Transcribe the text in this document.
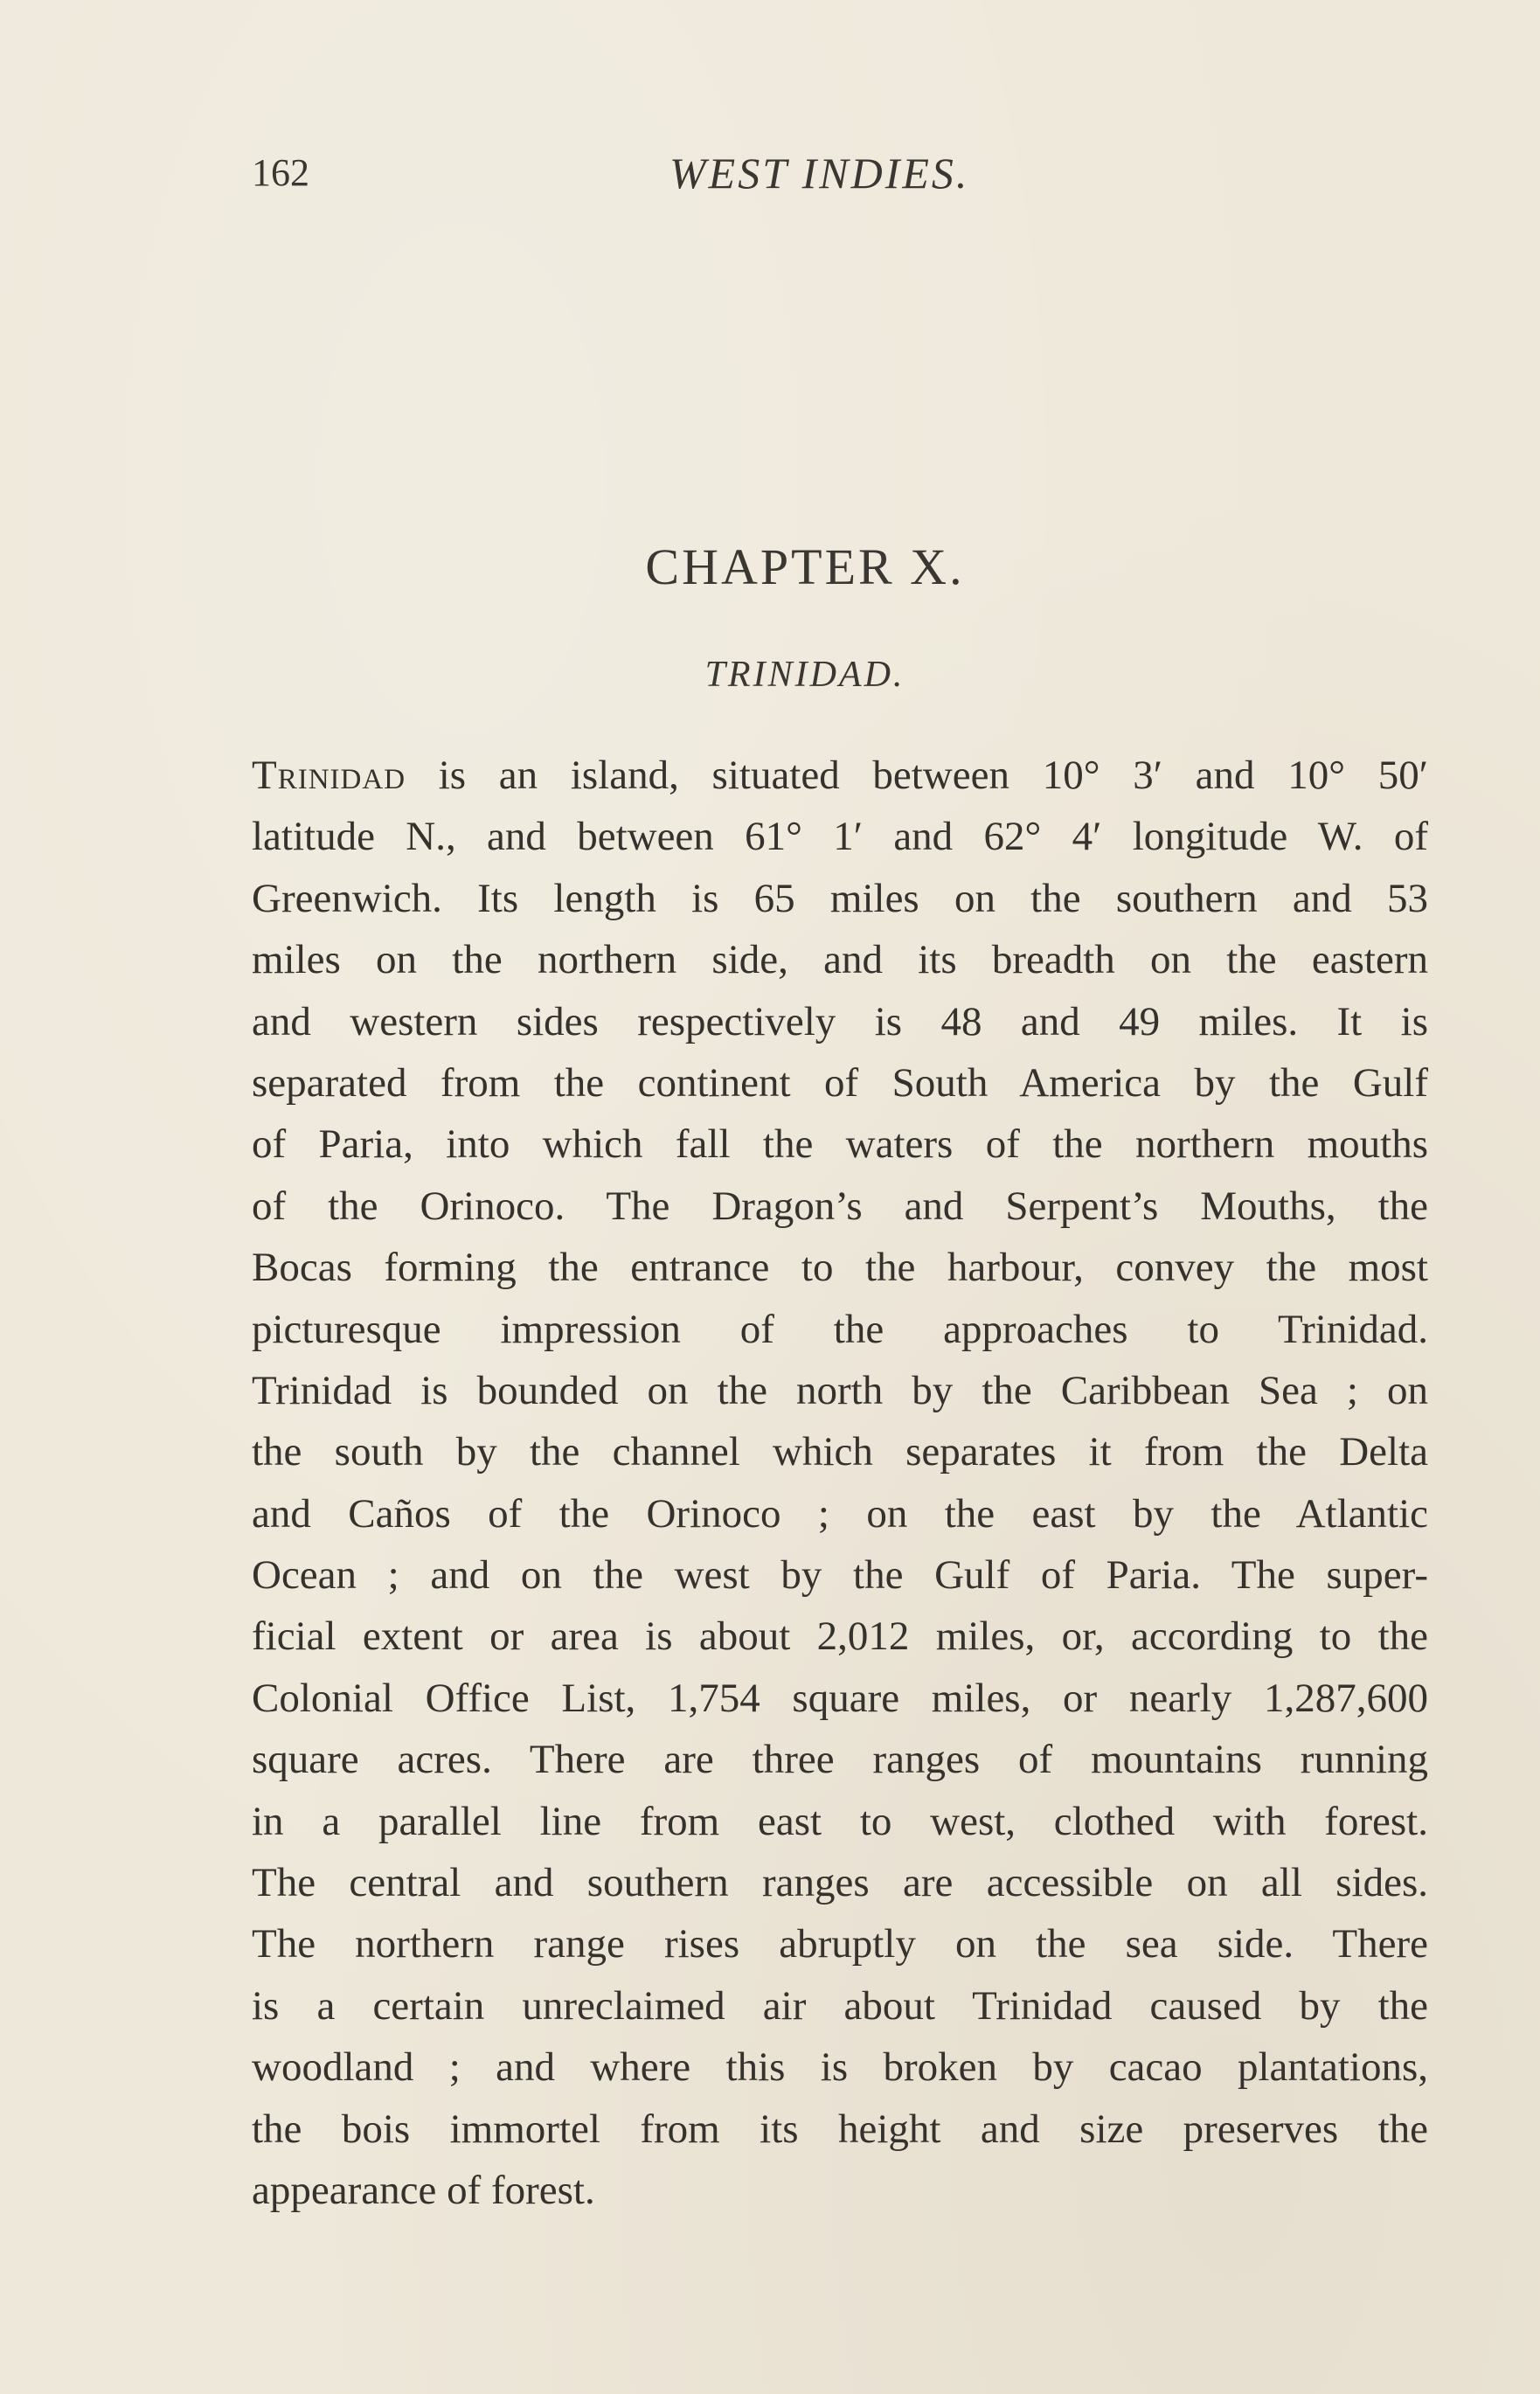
162	WEST INDIES.
CHAPTER X.
TRINIDAD.
Trinidad is an island, situated between 10° 3′ and 10° 50′
latitude N., and between 61° 1′ and 62° 4′ longitude W. of
Greenwich. Its length is 65 miles on the southern and 53
miles on the northern side, and its breadth on the eastern
and western sides respectively is 48 and 49 miles. It is
separated from the continent of South America by the Gulf
of Paria, into which fall the waters of the northern mouths
of the Orinoco. The Dragon’s and Serpent’s Mouths, the
Bocas forming the entrance to the harbour, convey the most
picturesque impression of the approaches to Trinidad.
Trinidad is bounded on the north by the Caribbean Sea ; on
the south by the channel which separates it from the Delta
and Caños of the Orinoco ; on the east by the Atlantic
Ocean ; and on the west by the Gulf of Paria. The super-
ficial extent or area is about 2,012 miles, or, according to the
Colonial Office List, 1,754 square miles, or nearly 1,287,600
square acres. There are three ranges of mountains running
in a parallel line from east to west, clothed with forest.
The central and southern ranges are accessible on all sides.
The northern range rises abruptly on the sea side. There
is a certain unreclaimed air about Trinidad caused by the
woodland ; and where this is broken by cacao plantations,
the bois immortel from its height and size preserves the
appearance of forest.
